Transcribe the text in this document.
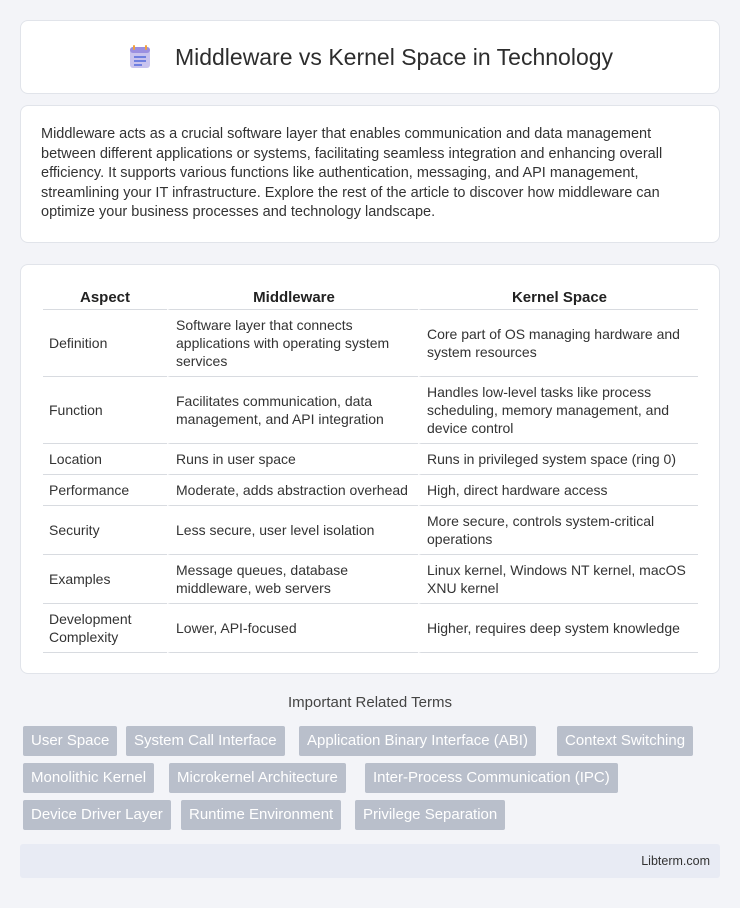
Middleware vs Kernel Space in Technology

Middleware acts as a crucial software layer that enables communication and data management between different applications or systems, facilitating seamless integration and enhancing overall efficiency. It supports various functions like authentication, messaging, and API management, streamlining your IT infrastructure. Explore the rest of the article to discover how middleware can optimize your business processes and technology landscape.

Aspect	Middleware	Kernel Space
Definition	Software layer that connects applications with operating system services	Core part of OS managing hardware and system resources
Function	Facilitates communication, data management, and API integration	Handles low-level tasks like process scheduling, memory management, and device control
Location	Runs in user space	Runs in privileged system space (ring 0)
Performance	Moderate, adds abstraction overhead	High, direct hardware access
Security	Less secure, user level isolation	More secure, controls system-critical operations
Examples	Message queues, database middleware, web servers	Linux kernel, Windows NT kernel, macOS XNU kernel
Development Complexity	Lower, API-focused	Higher, requires deep system knowledge
Important Related Terms
User Space	System Call Interface	Application Binary Interface (ABI)	Context Switching
Monolithic Kernel	Microkernel Architecture	Inter-Process Communication (IPC)
Device Driver Layer	Runtime Environment	Privilege Separation
Libterm.com
